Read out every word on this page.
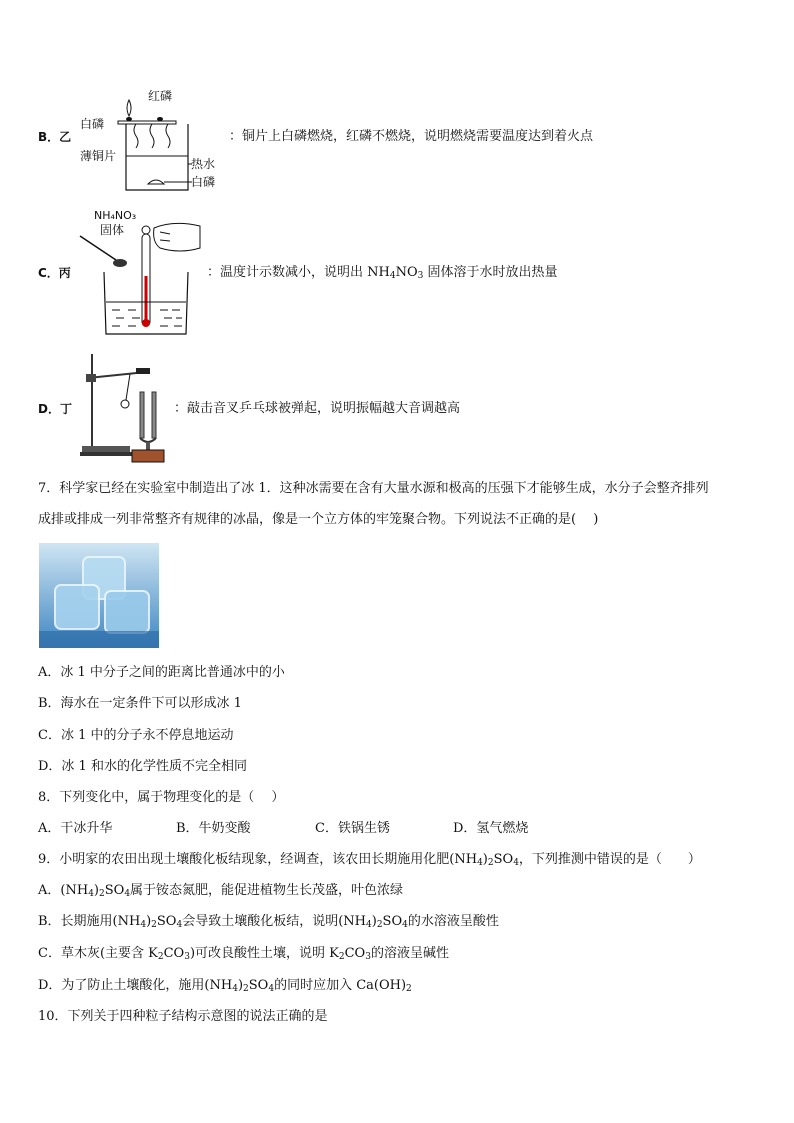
B．乙
红磷
白磷
薄铜片
热水
白磷
：铜片上白磷燃烧，红磷不燃烧，说明燃烧需要温度达到着火点
C．丙
NH₄NO₃
固体
：温度计示数减小，说明出 $NH_4NO_3$ 固体溶于水时放出热量
D．丁	：敲击音叉乒乓球被弹起，说明振幅越大音调越高
7．科学家已经在实验室中制造出了冰 1．这种冰需要在含有大量水源和极高的压强下才能够生成，水分子会整齐排列
成排或排成一列非常整齐有规律的冰晶，像是一个立方体的牢笼聚合物。下列说法不正确的是(　 )
A．冰 1 中分子之间的距离比普通冰中的小
B．海水在一定条件下可以形成冰 1
C．冰 1 中的分子永不停息地运动
D．冰 1 和水的化学性质不完全相同
8．下列变化中，属于物理变化的是（　 ）
A．干冰升华	B．牛奶变酸	C．铁锅生锈	D．氢气燃烧
9．小明家的农田出现土壤酸化板结现象，经调查，该农田长期施用化肥$(NH_4)_2SO_4$，下列推测中错误的是（　　）
A．$(NH_4)_2SO_4$属于铵态氮肥，能促进植物生长茂盛，叶色浓绿
B．长期施用$(NH_4)_2SO_4$会导致土壤酸化板结，说明$(NH_4)_2SO_4$的水溶液呈酸性
C．草木灰(主要含 $K_2CO_3$)可改良酸性土壤，说明 $K_2CO_3$的溶液呈碱性
D．为了防止土壤酸化，施用$(NH_4)_2SO_4$的同时应加入 $Ca(OH)_2$
10．下列关于四种粒子结构示意图的说法正确的是
